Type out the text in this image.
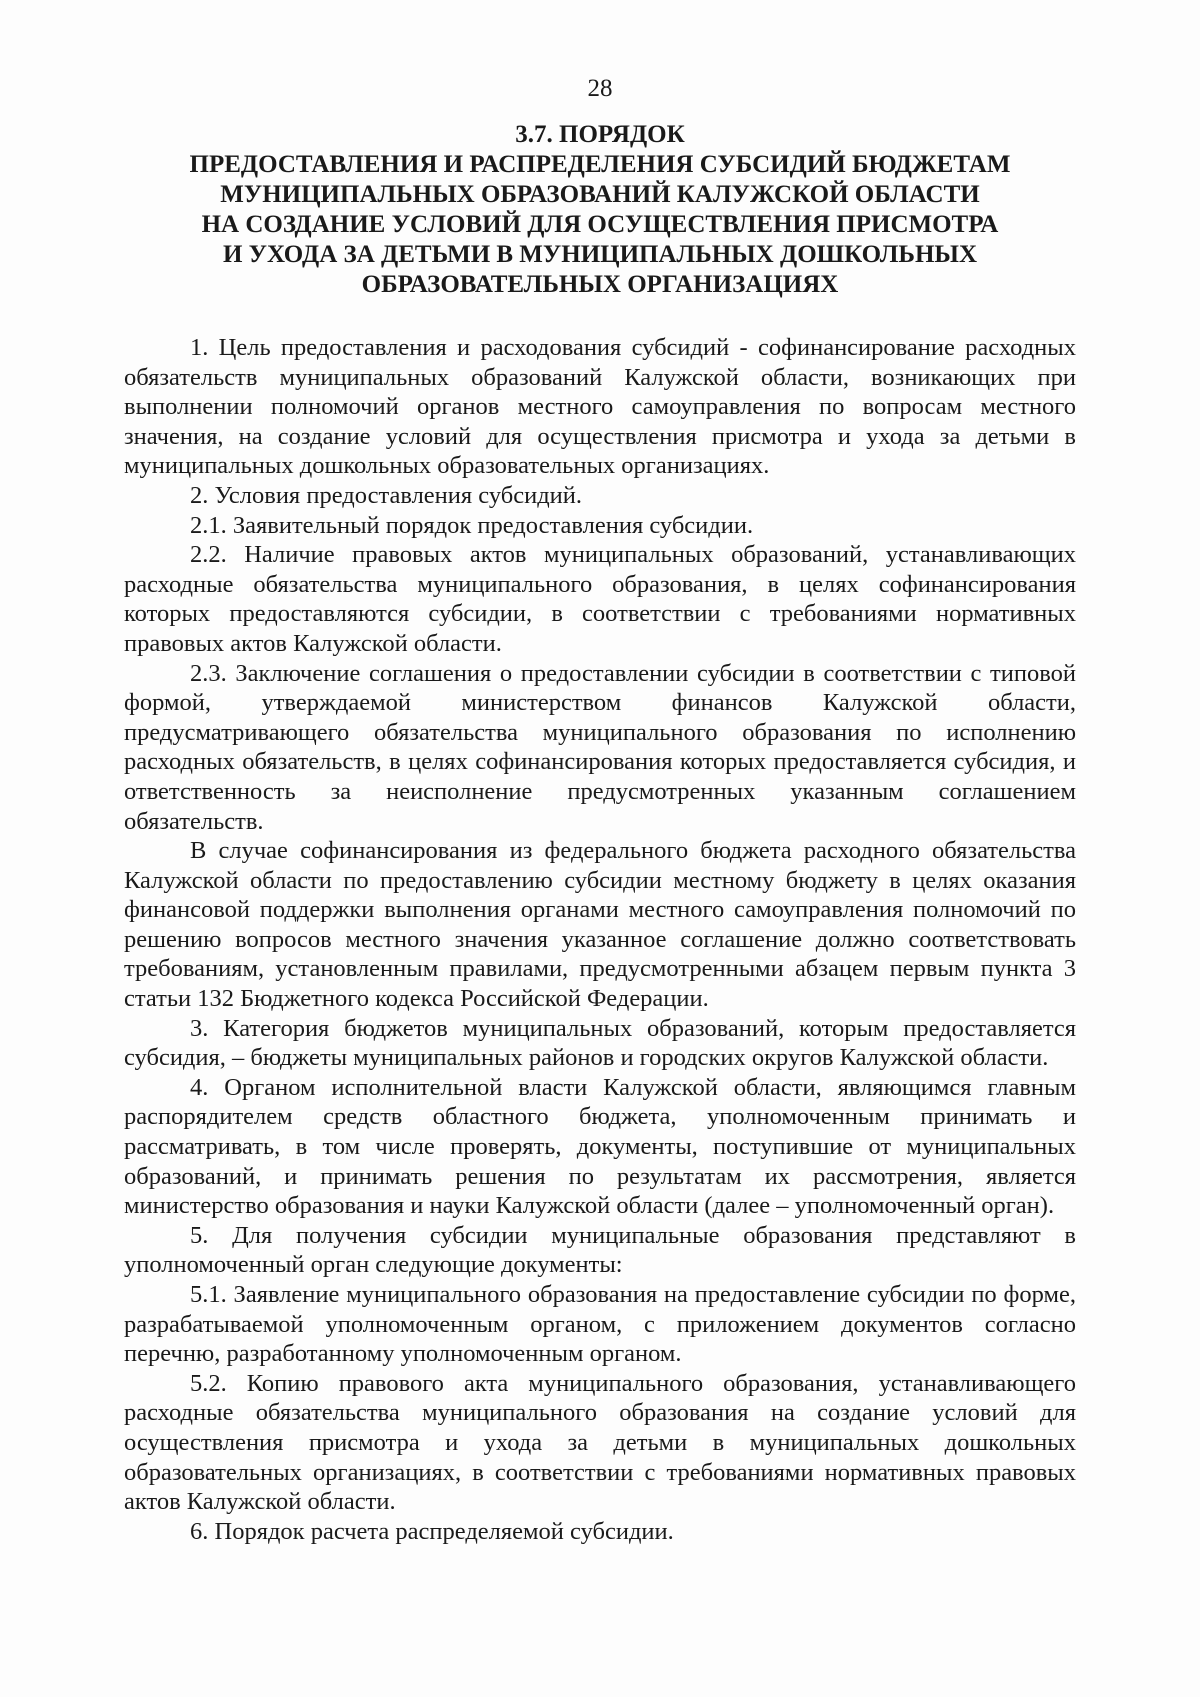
28
3.7. ПОРЯДОК
ПРЕДОСТАВЛЕНИЯ И РАСПРЕДЕЛЕНИЯ СУБСИДИЙ БЮДЖЕТАМ
МУНИЦИПАЛЬНЫХ ОБРАЗОВАНИЙ КАЛУЖСКОЙ ОБЛАСТИ
НА СОЗДАНИЕ УСЛОВИЙ ДЛЯ ОСУЩЕСТВЛЕНИЯ ПРИСМОТРА
И УХОДА ЗА ДЕТЬМИ В МУНИЦИПАЛЬНЫХ ДОШКОЛЬНЫХ
ОБРАЗОВАТЕЛЬНЫХ ОРГАНИЗАЦИЯХ

1. Цель предоставления и расходования субсидий - софинансирование расходных обязательств муниципальных образований Калужской области, возникающих при выполнении полномочий органов местного самоуправления по вопросам местного значения, на создание условий для осуществления присмотра и ухода за детьми в муниципальных дошкольных образовательных организациях.

2. Условия предоставления субсидий.

2.1. Заявительный порядок предоставления субсидии.

2.2. Наличие правовых актов муниципальных образований, устанавливающих расходные обязательства муниципального образования, в целях софинансирования которых предоставляются субсидии, в соответствии с требованиями нормативных правовых актов Калужской области.

2.3. Заключение соглашения о предоставлении субсидии в соответствии с типовой формой, утверждаемой министерством финансов Калужской области, предусматривающего обязательства муниципального образования по исполнению расходных обязательств, в целях софинансирования которых предоставляется субсидия, и ответственность за неисполнение предусмотренных указанным соглашением обязательств.

В случае софинансирования из федерального бюджета расходного обязательства Калужской области по предоставлению субсидии местному бюджету в целях оказания финансовой поддержки выполнения органами местного самоуправления полномочий по решению вопросов местного значения указанное соглашение должно соответствовать требованиям, установленным правилами, предусмотренными абзацем первым пункта 3 статьи 132 Бюджетного кодекса Российской Федерации.

3. Категория бюджетов муниципальных образований, которым предоставляется субсидия, – бюджеты муниципальных районов и городских округов Калужской области.

4. Органом исполнительной власти Калужской области, являющимся главным распорядителем средств областного бюджета, уполномоченным принимать и рассматривать, в том числе проверять, документы, поступившие от муниципальных образований, и принимать решения по результатам их рассмотрения, является министерство образования и науки Калужской области (далее – уполномоченный орган).

5. Для получения субсидии муниципальные образования представляют в уполномоченный орган следующие документы:

5.1. Заявление муниципального образования на предоставление субсидии по форме, разрабатываемой уполномоченным органом, с приложением документов согласно перечню, разработанному уполномоченным органом.

5.2. Копию правового акта муниципального образования, устанавливающего расходные обязательства муниципального образования на создание условий для осуществления присмотра и ухода за детьми в муниципальных дошкольных образовательных организациях, в соответствии с требованиями нормативных правовых актов Калужской области.

6. Порядок расчета распределяемой субсидии.
